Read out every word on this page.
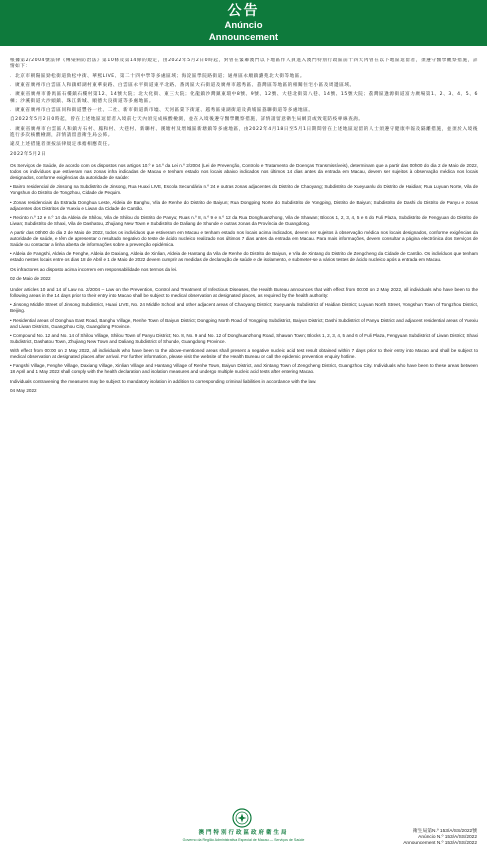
公告
Anúncio
Announcement

根據第2/2004號法律《傳染病防治法》第10條及第14條的規定，由2022年5月2日0時起，對曾在緊鄰澳門以下地區作人員進入澳門特別行政區前十四天內曾在以下地區逗留者，須遵守醫學觀察措施，詳情如下：

．北京市朝陽區勁松街道勁松中街、華熙LIVE、第二十四中學等多處區域；海淀區學院路街道；通州區永順鎮潞苑北大街等地區。

．廣東省廣州市白雲區人和鎮蚌湖村東華東路、白雲區永平街道東平北路、番禺區大石街道及廣州市越秀區、荔灣區等地區的相關住宅小區及周邊區域。

．廣東省廣州市番禺區石樓鎮石樓村第12、14號大院；北大化街、東三大院；化龍鎮沙灣鎮東環中8號、9號、12號、大巷北街第八巷、14號、15號大院；荔灣區逢源街道富力廣場第1、2、3、4、5、6棟；沙溪街道大沙頭鎮、珠江新城、順德大良街道等多處地區。

．廣東省廣州市白雲區同和街道豐谷一社、二社、新市街道新市墟、天河區棠下街道、越秀區東湖街道及黃埔區荔聯街道等多處地區。

自2022年5月2日0時起，曾在上述地區逗留者入境前七天內須完成核酸檢測，並在入境後遵守醫學觀察措施，詳情請留意衛生局網頁或致電防疫專線查詢。

．廣東省廣州市白雲區人和鎮方石村、鳳和村、大巷村、新聯村、漢塘村及增城區新塘鎮等多處地區，由2022年4月18日至5月1日期間曾在上述地區逗留的人士須遵守健康申報及隔離措施，並須於入境後進行多次核酸檢測，詳情請留意衛生局公佈。

違反上述措施者須按法律規定承擔相應責任。

2022年5月2日

Os Serviços de Saúde, de acordo com os dispostos nos artigos 10.º e 14.º da Lei n.º 2/2004 (Lei de Prevenção, Controlo e Tratamento de Doenças Transmissíveis), determinam que a partir das 00h00 do dia 2 de Maio de 2022, todos os indivíduos que estiveram nas zonas infra indicadas de Macau e tenham estado nos locais abaixo indicados nos últimos 14 dias antes da entrada em Macau, devem ser sujeitos à observação médica nos locais designados, conforme exigências da autoridade de saúde:

• Bairro residencial de Jinsong na Subdistrito de Jinsong, Rua Huaxi LIVE, Escola Secundária n.º 24 e outras zonas adjacentes do Distrito de Chaoyang; Subdistrito de Xueyuanlu do Distrito de Haidian; Rua Luyuan Norte, Vila de Yongshun do Distrito de Tongzhou, Cidade de Pequim.

• Zonas residenciais da Estrada Donghua Leste, Aldeia de Banghu, Vila de Renhe do Distrito de Baiyun; Rua Dongping Norte do Subdistrito de Yongping, Distrito de Baiyun; Subdistrito de Dashi do Distrito de Panyu e zonas adjacentes dos Distritos de Yuexiu e Liwan da Cidade de Cantão.

• Recinto n.º 12 e n.º 14 da Aldeia de Shilou, Vila de Shilou do Distrito de Panyu; Ruas n.º 8, n.º 9 e n.º 12 da Rua Donghuanzhong, Vila de Shawan; Blocos 1, 2, 3, 4, 5 e 6 do Fuli Plaza, Subdistrito de Fengyuan do Distrito de Liwan; Subdistrito de Shaxi, Vila de Dashatou, Zhujiang New Town e Subdistrito de Daliang de Shunde e outras zonas da Província de Guangdong.

A partir das 00h00 do dia 2 de Maio de 2022, todos os indivíduos que estiveram em Macau e tenham estado nos locais acima indicados, devem ser sujeitos à observação médica nos locais designados, conforme exigências da autoridade de saúde, e têm de apresentar o resultado negativo do teste de ácido nucleico realizado nos últimos 7 dias antes da entrada em Macau. Para mais informações, devem consultar a página electrónica dos Serviços de Saúde ou contactar a linha aberta de informações sobre a prevenção epidémica.

• Aldeia de Fangshi, Aldeia de Fenghe, Aldeia de Daxiang, Aldeia de Xinlian, Aldeia de Hantang da Vila de Renhe do Distrito de Baiyun, e Vila de Xintang do Distrito de Zengcheng da Cidade de Cantão. Os indivíduos que tenham estado nestes locais entre os dias 18 de Abril e 1 de Maio de 2022 devem cumprir as medidas de declaração de saúde e de isolamento, e submeter-se a vários testes de ácido nucleico após a entrada em Macau.

Os infractores ao disposto acima incorrem em responsabilidade nos termos da lei.

02 de Maio de 2022

Under articles 10 and 14 of Law no. 2/2004 – Law on the Prevention, Control and Treatment of Infectious Diseases, the Health Bureau announces that with effect from 00:00 on 2 May 2022, all individuals who have been to the following areas in the 14 days prior to their entry into Macao shall be subject to medical observation at designated places, as required by the health authority:

• Jinsong Middle Street of Jinsong Subdistrict, Huaxi LIVE, No. 24 Middle School and other adjacent areas of Chaoyang District; Xueyuanlu Subdistrict of Haidian District; Luyuan North Street, Yongshun Town of Tongzhou District, Beijing.

• Residential areas of Donghua East Road, Banghu Village, Renhe Town of Baiyun District; Dongping North Road of Yongping Subdistrict, Baiyun District; Dashi Subdistrict of Panyu District and adjacent residential areas of Yuexiu and Liwan Districts, Guangzhou City, Guangdong Province.

• Compound No. 12 and No. 14 of Shilou Village, Shilou Town of Panyu District; No. 8, No. 9 and No. 12 of Donghuanzhong Road, Shawan Town; Blocks 1, 2, 3, 4, 5 and 6 of Fuli Plaza, Fengyuan Subdistrict of Liwan District; Shaxi Subdistrict, Dashatou Town, Zhujiang New Town and Daliang Subdistrict of Shunde, Guangdong Province.

With effect from 00:00 on 2 May 2022, all individuals who have been to the above-mentioned areas shall present a negative nucleic acid test result obtained within 7 days prior to their entry into Macao and shall be subject to medical observation at designated places after arrival. For further information, please visit the website of the Health Bureau or call the epidemic prevention enquiry hotline.

• Fangshi Village, Fenghe Village, Daxiang Village, Xinlian Village and Hantang Village of Renhe Town, Baiyun District, and Xintang Town of Zengcheng District, Guangzhou City. Individuals who have been to these areas between 18 April and 1 May 2022 shall comply with the health declaration and isolation measures and undergo multiple nucleic acid tests after entering Macao.

Individuals contravening the measures may be subject to mandatory isolation in addition to corresponding criminal liabilities in accordance with the law.

04 May 2022

澳門特別行政區政府衛生局
Governo da Região Administrativa Especial de Macau — Serviços de Saúde
衛生局第N.º 153/A/SS/2022號
Anúncio N.º 153/A/SS/2022
Announcement N.º 153/A/SS/2022
